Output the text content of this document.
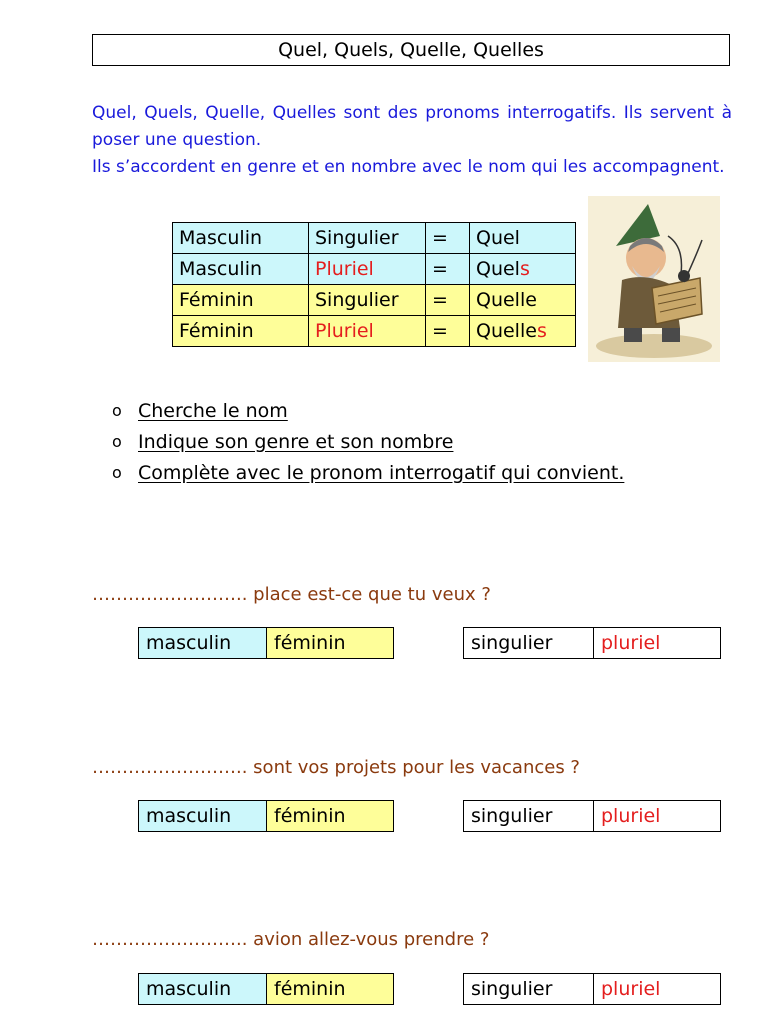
Quel, Quels, Quelle, Quelles

Quel, Quels, Quelle, Quelles sont des pronoms interrogatifs. Ils servent à poser une question.

Ils s’accordent en genre et en nombre avec le nom qui les accompagnent.

Masculin	Singulier	=	Quel
Masculin	Pluriel	=	Quels
Féminin	Singulier	=	Quelle
Féminin	Pluriel	=	Quelles
o Cherche le nom
o Indique son genre et son nombre
o Complète avec le pronom interrogatif qui convient.
…………………….. place est-ce que tu veux ?
masculin	féminin	singulier	pluriel
…………………….. sont vos projets pour les vacances ?
masculin	féminin	singulier	pluriel
…………………….. avion allez-vous prendre ?
masculin	féminin	singulier	pluriel
